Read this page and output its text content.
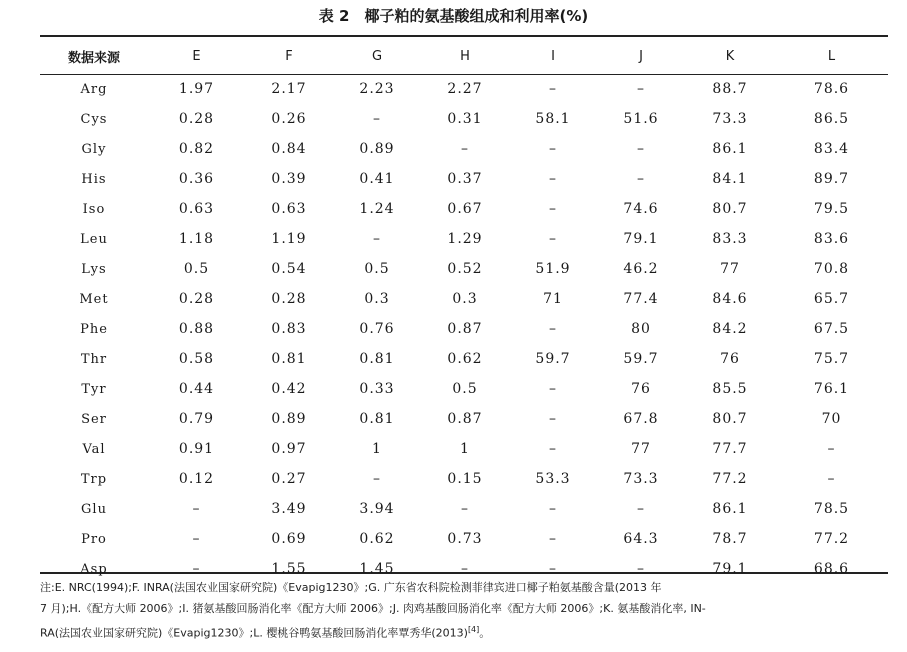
表 2　椰子粕的氨基酸组成和利用率(%)
数据来源	E	F	G	H	I	J	K	L
Arg	1.97	2.17	2.23	2.27	–	–	88.7	78.6
Cys	0.28	0.26	–	0.31	58.1	51.6	73.3	86.5
Gly	0.82	0.84	0.89	–	–	–	86.1	83.4
His	0.36	0.39	0.41	0.37	–	–	84.1	89.7
Iso	0.63	0.63	1.24	0.67	–	74.6	80.7	79.5
Leu	1.18	1.19	–	1.29	–	79.1	83.3	83.6
Lys	0.5	0.54	0.5	0.52	51.9	46.2	77	70.8
Met	0.28	0.28	0.3	0.3	71	77.4	84.6	65.7
Phe	0.88	0.83	0.76	0.87	–	80	84.2	67.5
Thr	0.58	0.81	0.81	0.62	59.7	59.7	76	75.7
Tyr	0.44	0.42	0.33	0.5	–	76	85.5	76.1
Ser	0.79	0.89	0.81	0.87	–	67.8	80.7	70
Val	0.91	0.97	1	1	–	77	77.7	–
Trp	0.12	0.27	–	0.15	53.3	73.3	77.2	–
Glu	–	3.49	3.94	–	–	–	86.1	78.5
Pro	–	0.69	0.62	0.73	–	64.3	78.7	77.2
Asp	–	1.55	1.45	–	–	–	79.1	68.6

注:E. NRC(1994);F. INRA(法国农业国家研究院)《Evapig1230》;G. 广东省农科院检测菲律宾进口椰子粕氨基酸含量(2013 年

7 月);H.《配方大师 2006》;I. 猪氨基酸回肠消化率《配方大师 2006》;J. 肉鸡基酸回肠消化率《配方大师 2006》;K. 氨基酸消化率, IN-

RA(法国农业国家研究院)《Evapig1230》;L. 樱桃谷鸭氨基酸回肠消化率覃秀华(2013)[4]。
